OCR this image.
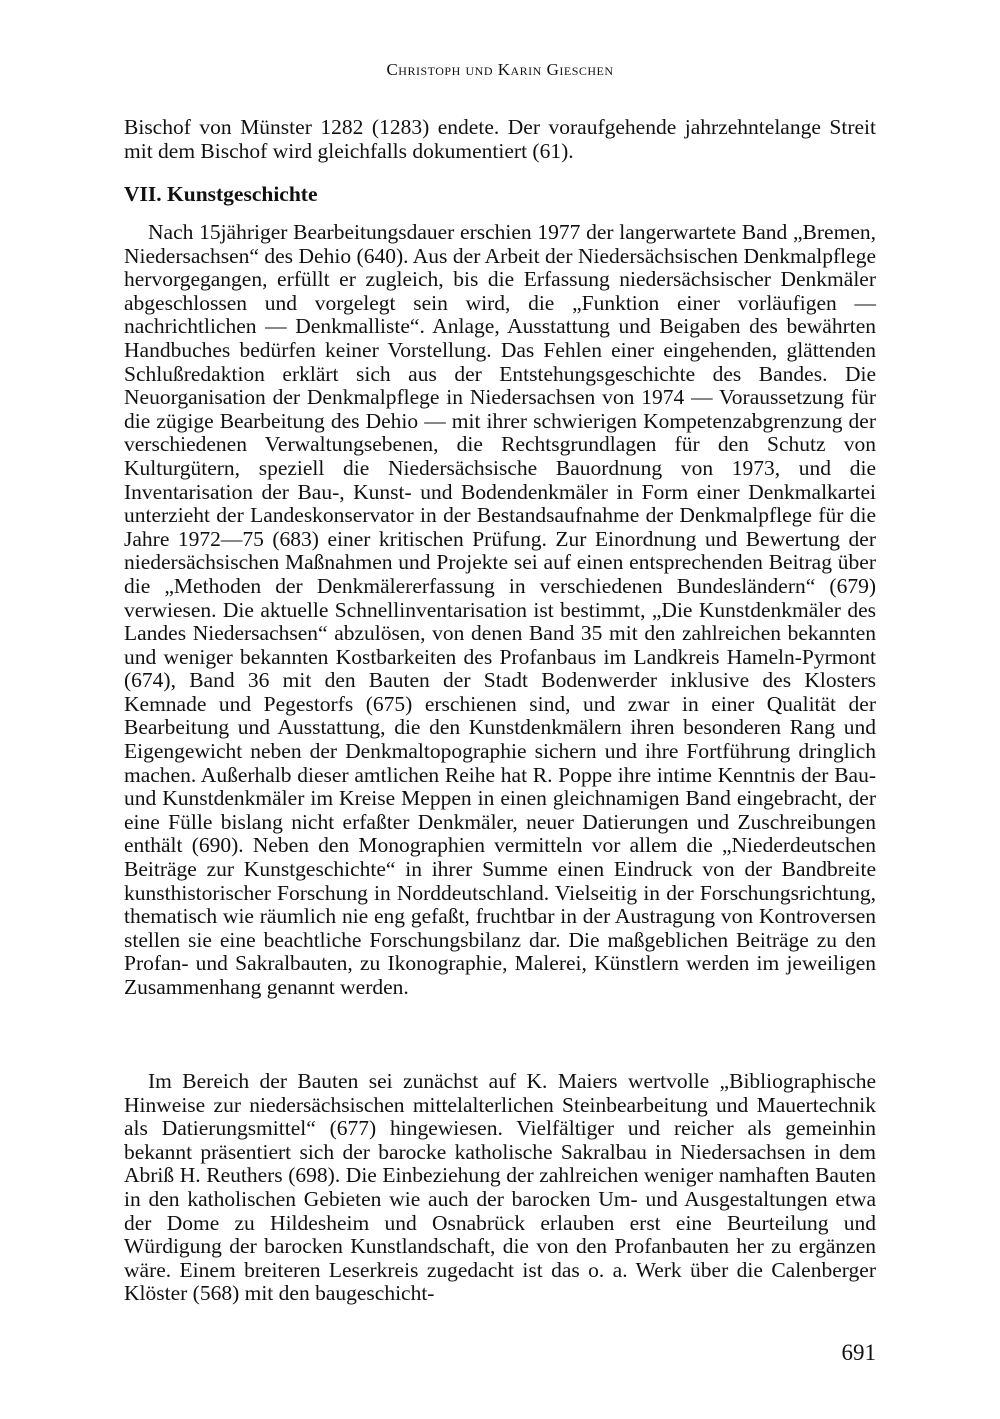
Christoph und Karin Gieschen

Bischof von Münster 1282 (1283) endete. Der voraufgehende jahrzehntelange Streit mit dem Bischof wird gleichfalls dokumentiert (61).

VII. Kunstgeschichte

Nach 15jähriger Bearbeitungsdauer erschien 1977 der langerwartete Band „Bremen, Niedersachsen“ des Dehio (640). Aus der Arbeit der Niedersächsischen Denkmalpflege hervorgegangen, erfüllt er zugleich, bis die Erfassung niedersächsischer Denkmäler abgeschlossen und vorgelegt sein wird, die „Funktion einer vorläufigen — nachrichtlichen — Denkmalliste“. Anlage, Ausstattung und Beigaben des bewährten Handbuches bedürfen keiner Vorstellung. Das Fehlen einer eingehenden, glättenden Schlußredaktion erklärt sich aus der Entstehungsgeschichte des Bandes. Die Neuorganisation der Denkmalpflege in Niedersachsen von 1974 — Voraussetzung für die zügige Bearbeitung des Dehio — mit ihrer schwierigen Kompetenzabgrenzung der verschiedenen Verwaltungsebenen, die Rechtsgrundlagen für den Schutz von Kulturgütern, speziell die Niedersächsische Bauordnung von 1973, und die Inventarisation der Bau-, Kunst- und Bodendenkmäler in Form einer Denkmalkartei unterzieht der Landeskonservator in der Bestandsaufnahme der Denkmalpflege für die Jahre 1972—75 (683) einer kritischen Prüfung. Zur Einordnung und Bewertung der niedersächsischen Maßnahmen und Projekte sei auf einen entsprechenden Beitrag über die „Methoden der Denkmälererfassung in verschiedenen Bundesländern“ (679) verwiesen. Die aktuelle Schnellinventarisation ist bestimmt, „Die Kunstdenkmäler des Landes Niedersachsen“ abzulösen, von denen Band 35 mit den zahlreichen bekannten und weniger bekannten Kostbarkeiten des Profanbaus im Landkreis Hameln-Pyrmont (674), Band 36 mit den Bauten der Stadt Bodenwerder inklusive des Klosters Kemnade und Pegestorfs (675) erschienen sind, und zwar in einer Qualität der Bearbeitung und Ausstattung, die den Kunstdenkmälern ihren besonderen Rang und Eigengewicht neben der Denkmaltopographie sichern und ihre Fortführung dringlich machen. Außerhalb dieser amtlichen Reihe hat R. Poppe ihre intime Kenntnis der Bau- und Kunstdenkmäler im Kreise Meppen in einen gleichnamigen Band eingebracht, der eine Fülle bislang nicht erfaßter Denkmäler, neuer Datierungen und Zuschreibungen enthält (690). Neben den Monographien vermitteln vor allem die „Niederdeutschen Beiträge zur Kunstgeschichte“ in ihrer Summe einen Eindruck von der Bandbreite kunsthistorischer Forschung in Norddeutschland. Vielseitig in der Forschungsrichtung, thematisch wie räumlich nie eng gefaßt, fruchtbar in der Austragung von Kontroversen stellen sie eine beachtliche Forschungsbilanz dar. Die maßgeblichen Beiträge zu den Profan- und Sakralbauten, zu Ikonographie, Malerei, Künstlern werden im jeweiligen Zusammenhang genannt werden.

Im Bereich der Bauten sei zunächst auf K. Maiers wertvolle „Bibliographische Hinweise zur niedersächsischen mittelalterlichen Steinbearbeitung und Mauertechnik als Datierungsmittel“ (677) hingewiesen. Vielfältiger und reicher als gemeinhin bekannt präsentiert sich der barocke katholische Sakralbau in Niedersachsen in dem Abriß H. Reuthers (698). Die Einbeziehung der zahlreichen weniger namhaften Bauten in den katholischen Gebieten wie auch der barocken Um- und Ausgestaltungen etwa der Dome zu Hildesheim und Osnabrück erlauben erst eine Beurteilung und Würdigung der barocken Kunstlandschaft, die von den Profanbauten her zu ergänzen wäre. Einem breiteren Leserkreis zugedacht ist das o. a. Werk über die Calenberger Klöster (568) mit den baugeschicht-

691
